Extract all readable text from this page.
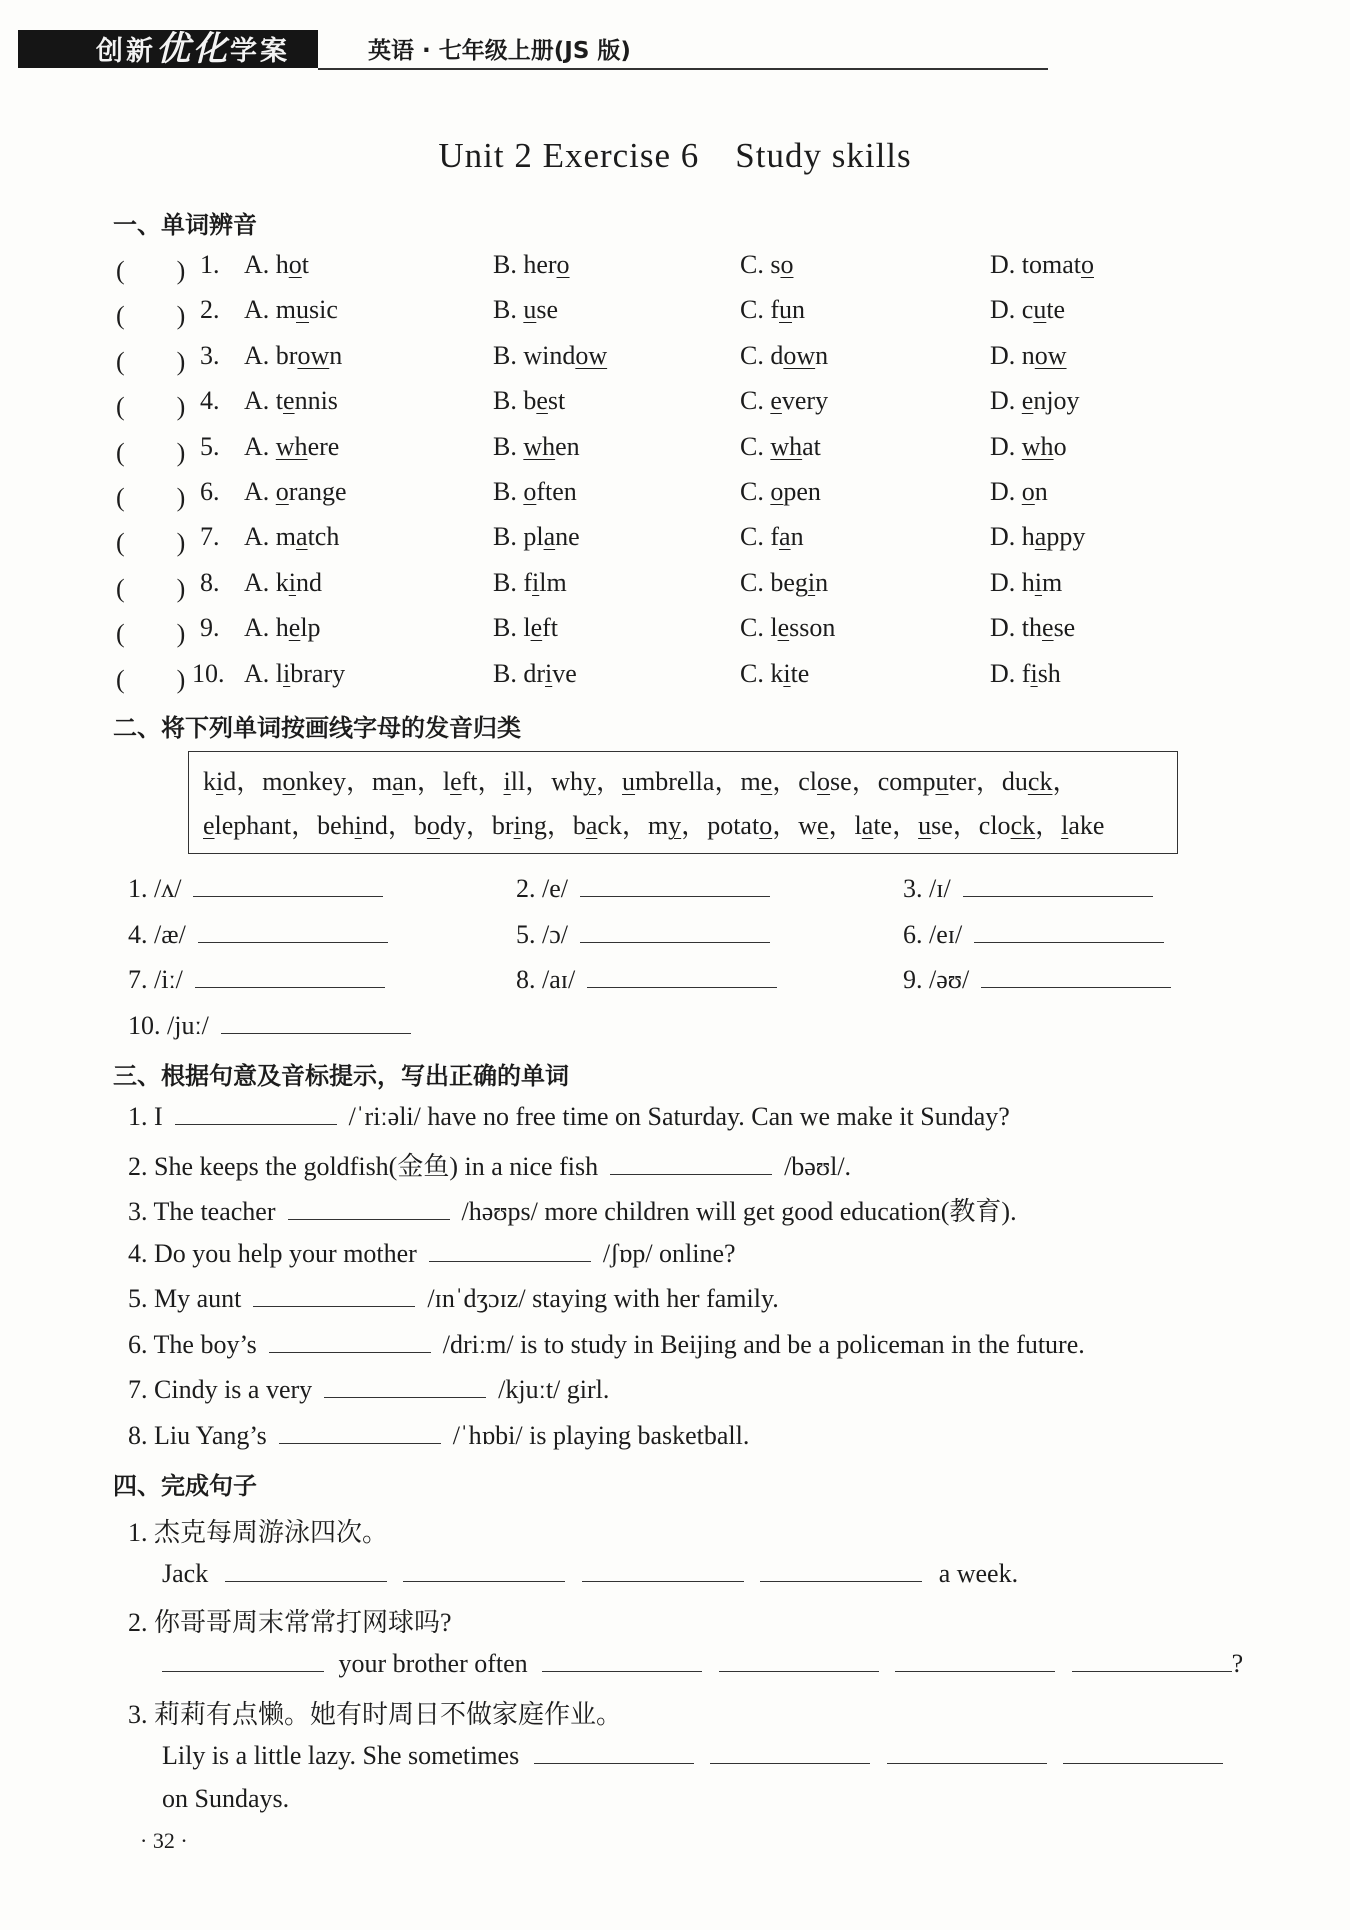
创新优化学案	英语 · 七年级上册(JS 版)
Unit 2 Exercise 6　Study skills
一、单词辨音
(　　) 1. A. hot	B. hero	C. so	D. tomato
(　　) 2. A. music	B. use	C. fun	D. cute
(　　) 3. A. brown	B. window	C. down	D. now
(　　) 4. A. tennis	B. best	C. every	D. enjoy
(　　) 5. A. where	B. when	C. what	D. who
(　　) 6. A. orange	B. often	C. open	D. on
(　　) 7. A. match	B. plane	C. fan	D. happy
(　　) 8. A. kind	B. film	C. begin	D. him
(　　) 9. A. help	B. left	C. lesson	D. these
(　　) 10. A. library	B. drive	C. kite	D. fish
二、将下列单词按画线字母的发音归类
kid，monkey，man，left，ill，why，umbrella，me，close，computer，duck，
elephant，behind，body，bring，back，my，potato，we，late，use，clock，lake
1. /ʌ/	2. /e/	3. /ɪ/
4. /æ/	5. /ɔ/	6. /eɪ/
7. /iː/	8. /aɪ/	9. /əʊ/
10. /juː/
三、根据句意及音标提示，写出正确的单词
1. I	/ˈriːəli/ have no free time on Saturday. Can we make it Sunday?
2. She keeps the goldfish(金鱼) in a nice fish	/bəʊl/.
3. The teacher	/həʊps/ more children will get good education(教育).
4. Do you help your mother	/ʃɒp/ online?
5. My aunt	/ɪnˈdʒɔɪz/ staying with her family.
6. The boy’s	/driːm/ is to study in Beijing and be a policeman in the future.
7. Cindy is a very	/kjuːt/ girl.
8. Liu Yang’s	/ˈhɒbi/ is playing basketball.
四、完成句子
1. 杰克每周游泳四次。
Jack	a week.
2. 你哥哥周末常常打网球吗?
your brother often	?
3. 莉莉有点懒。她有时周日不做家庭作业。
Lily is a little lazy. She sometimes
on Sundays.
· 32 ·
